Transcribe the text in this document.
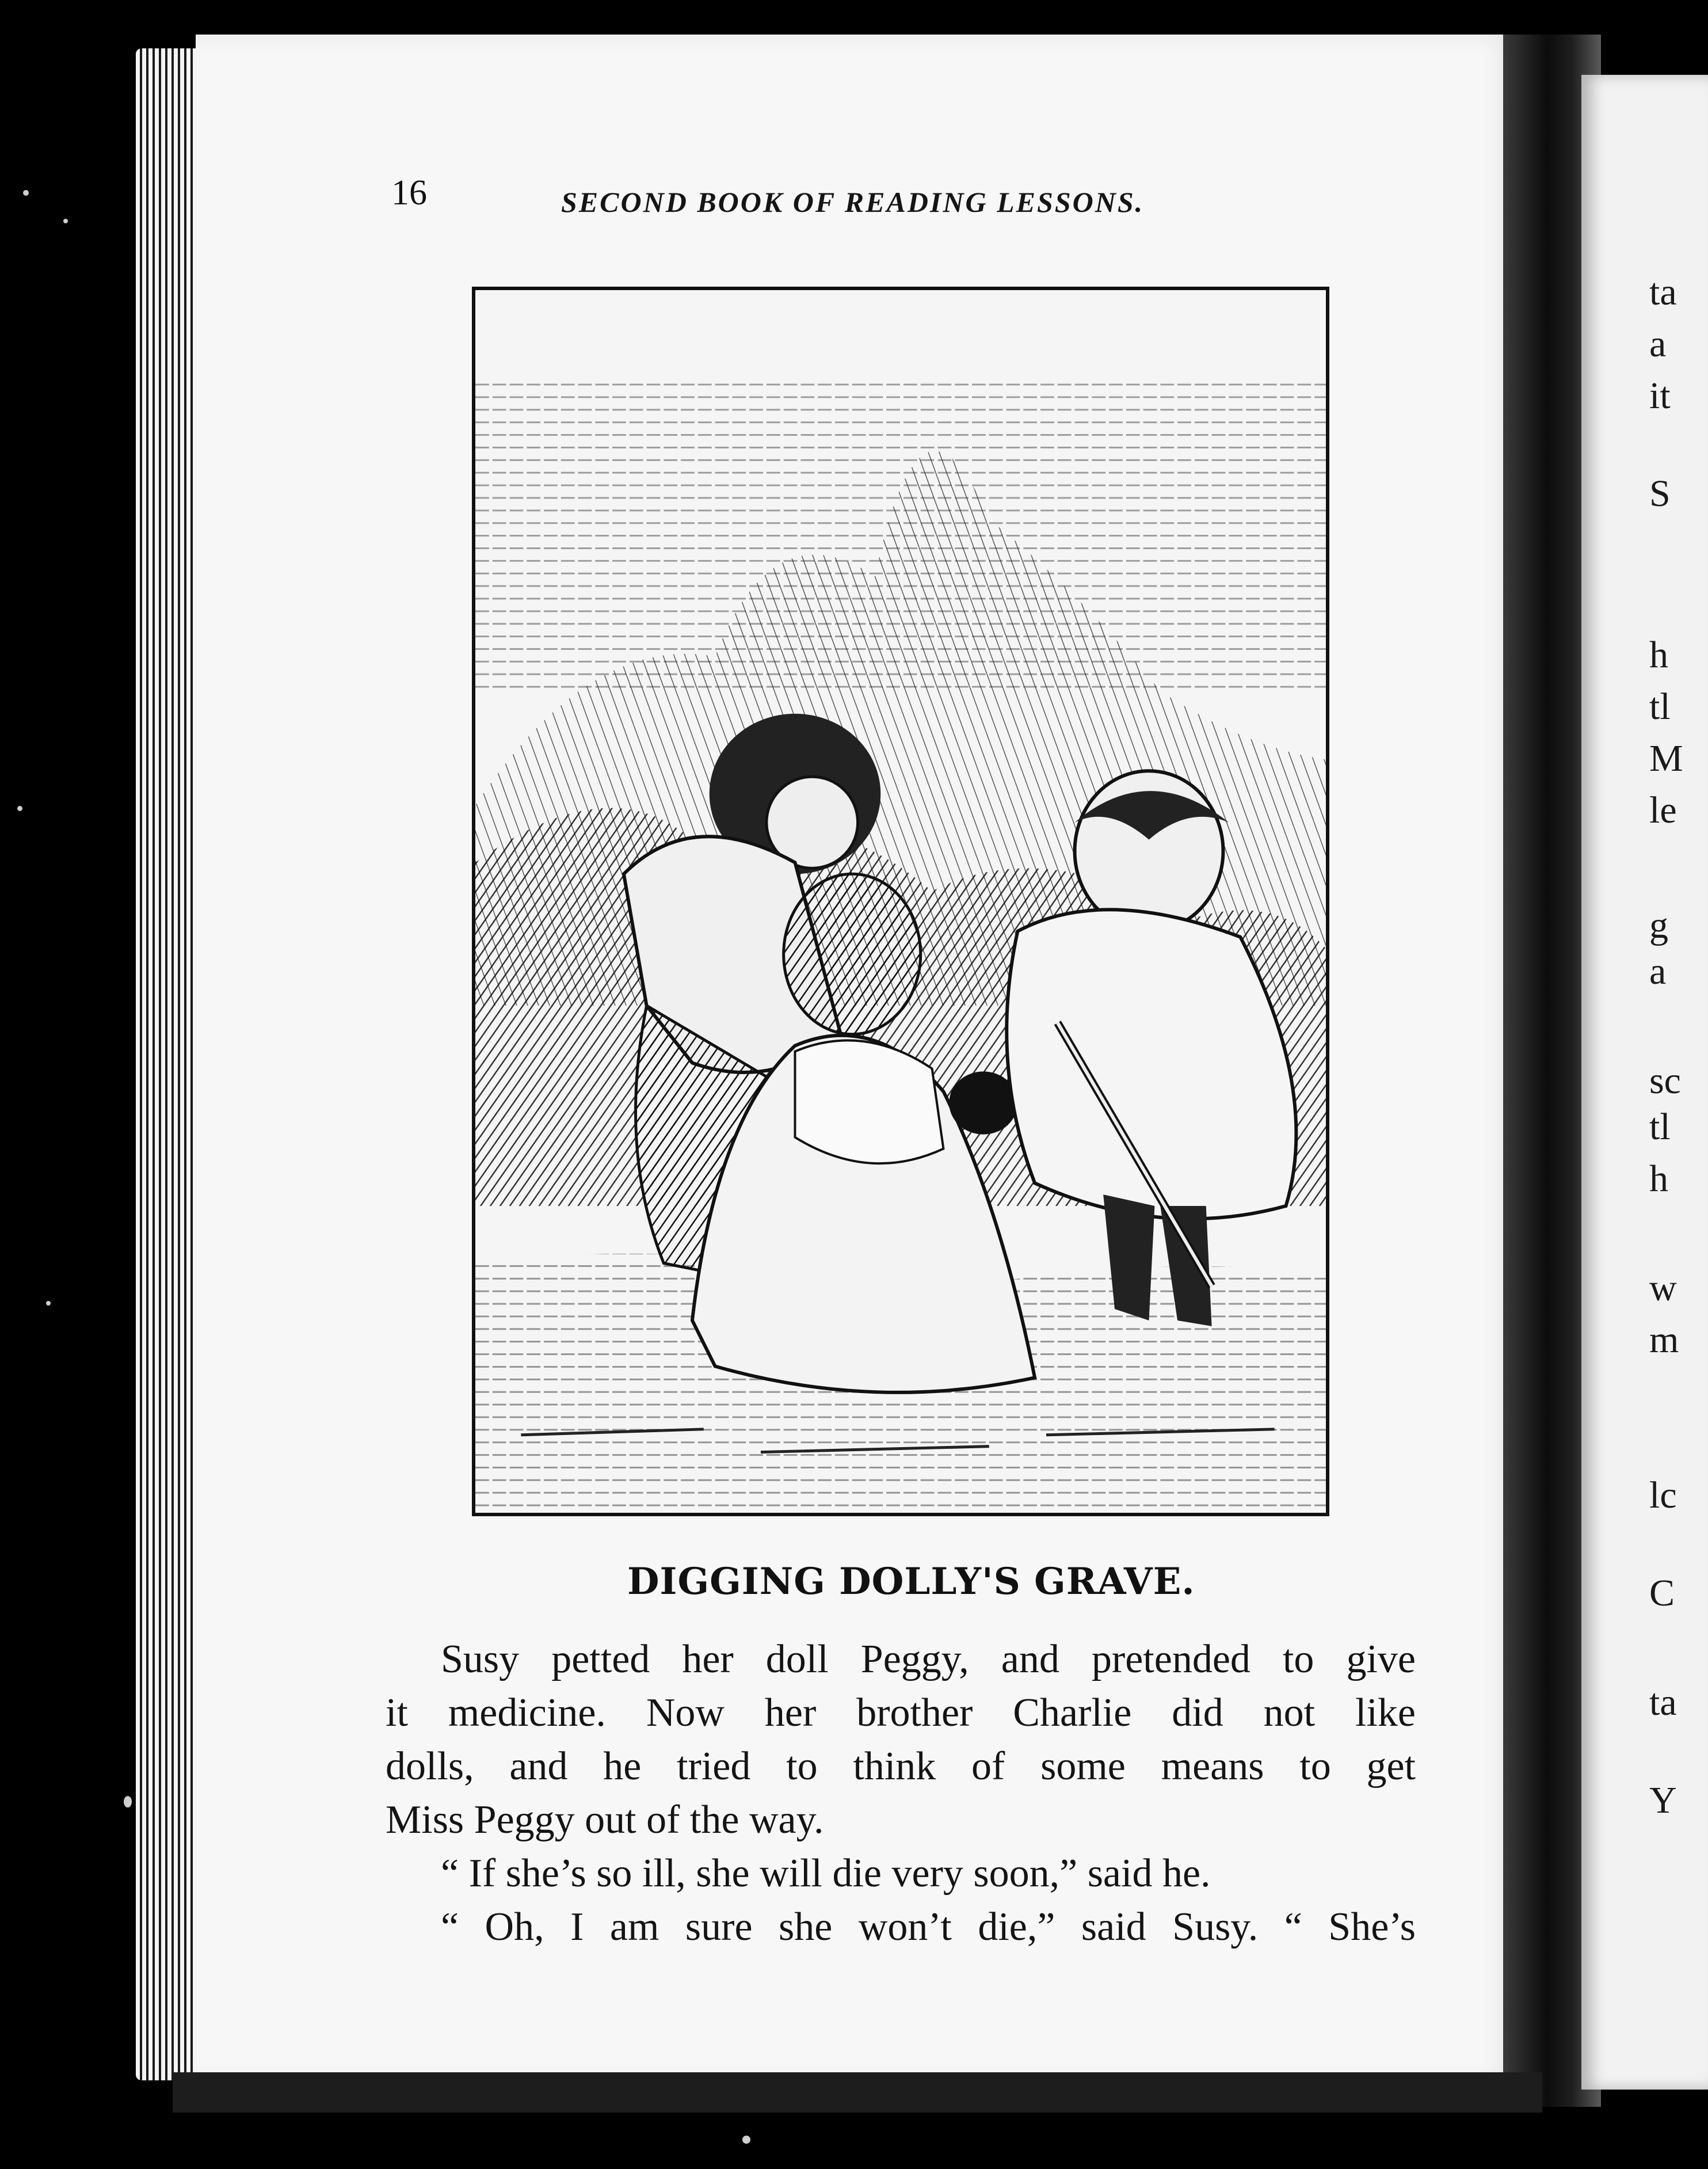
16	SECOND BOOK OF READING LESSONS.
DIGGING DOLLY'S GRAVE.
Susy petted her doll Peggy, and pretended to give
it medicine. Now her brother Charlie did not like
dolls, and he tried to think of some means to get
Miss Peggy out of the way.
“ If she’s so ill, she will die very soon,” said he.
“ Oh, I am sure she won’t die,” said Susy. “ She’s
ta
a
it
S
h
tl
M
le
g
a
sc
tl
h
w
m
lc
C
ta
Y
